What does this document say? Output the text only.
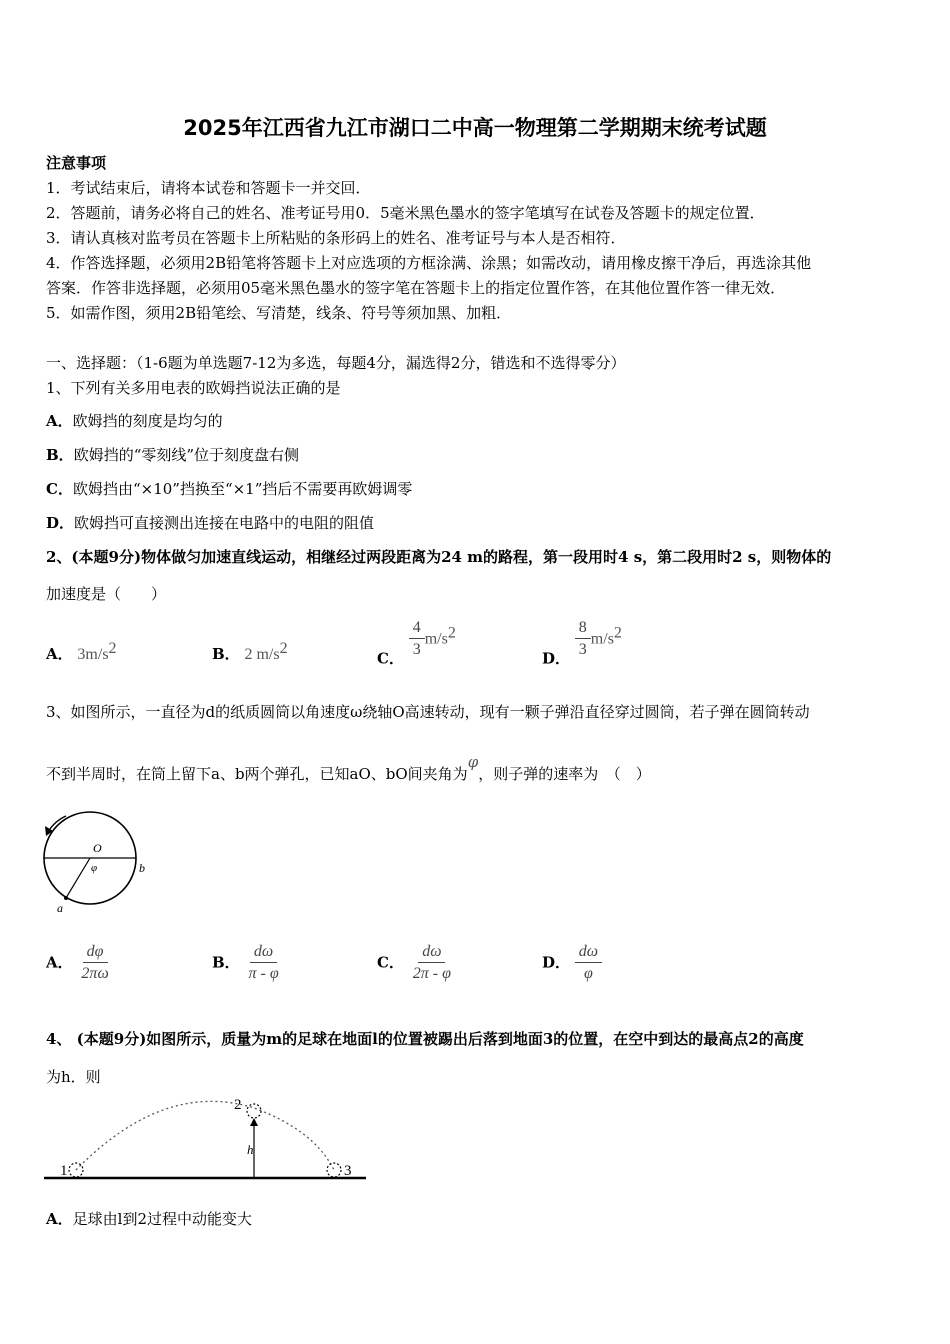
2025年江西省九江市湖口二中高一物理第二学期期末统考试题
注意事项
1．考试结束后，请将本试卷和答题卡一并交回．
2．答题前，请务必将自己的姓名、准考证号用0．5毫米黑色墨水的签字笔填写在试卷及答题卡的规定位置．
3．请认真核对监考员在答题卡上所粘贴的条形码上的姓名、准考证号与本人是否相符．
4．作答选择题，必须用2B铅笔将答题卡上对应选项的方框涂满、涂黑；如需改动，请用橡皮擦干净后，再选涂其他
答案．作答非选择题，必须用05毫米黑色墨水的签字笔在答题卡上的指定位置作答，在其他位置作答一律无效．
5．如需作图，须用2B铅笔绘、写清楚，线条、符号等须加黑、加粗．
一、选择题：（1-6题为单选题7-12为多选，每题4分，漏选得2分，错选和不选得零分）
1、下列有关多用电表的欧姆挡说法正确的是
A．欧姆挡的刻度是均匀的
B．欧姆挡的“零刻线”位于刻度盘右侧
C．欧姆挡由“×10”挡换至“×1”挡后不需要再欧姆调零
D．欧姆挡可直接测出连接在电路中的电阻的阻值
2、(本题9分)物体做匀加速直线运动，相继经过两段距离为24 m的路程，第一段用时4 s，第二段用时2 s，则物体的
加速度是（　　）
A． $3m/s^2$	B． 2 $m/s^2$
C． $\frac{4}{3} m/s^2$
D． $\frac{8}{3} m/s^2$
3、如图所示，一直径为d的纸质圆筒以角速度ω绕轴O高速转动，现有一颗子弹沿直径穿过圆筒，若子弹在圆筒转动
不到半周时，在筒上留下a、b两个弹孔，已知aO、bO间夹角为φ，则子弹的速率为　（　）
O
φ	b
a
A． $\frac{d\varphi}{2\pi\omega}$	B． $\frac{d\omega}{\pi - \varphi}$	C． $\frac{d\omega}{2\pi - \varphi}$	D． $\frac{d\omega}{\varphi}$
4、 (本题9分)如图所示，质量为m的足球在地面l的位置被踢出后落到地面3的位置，在空中到达的最高点2的高度
为h．则
1
2
3
h
A．足球由l到2过程中动能变大
